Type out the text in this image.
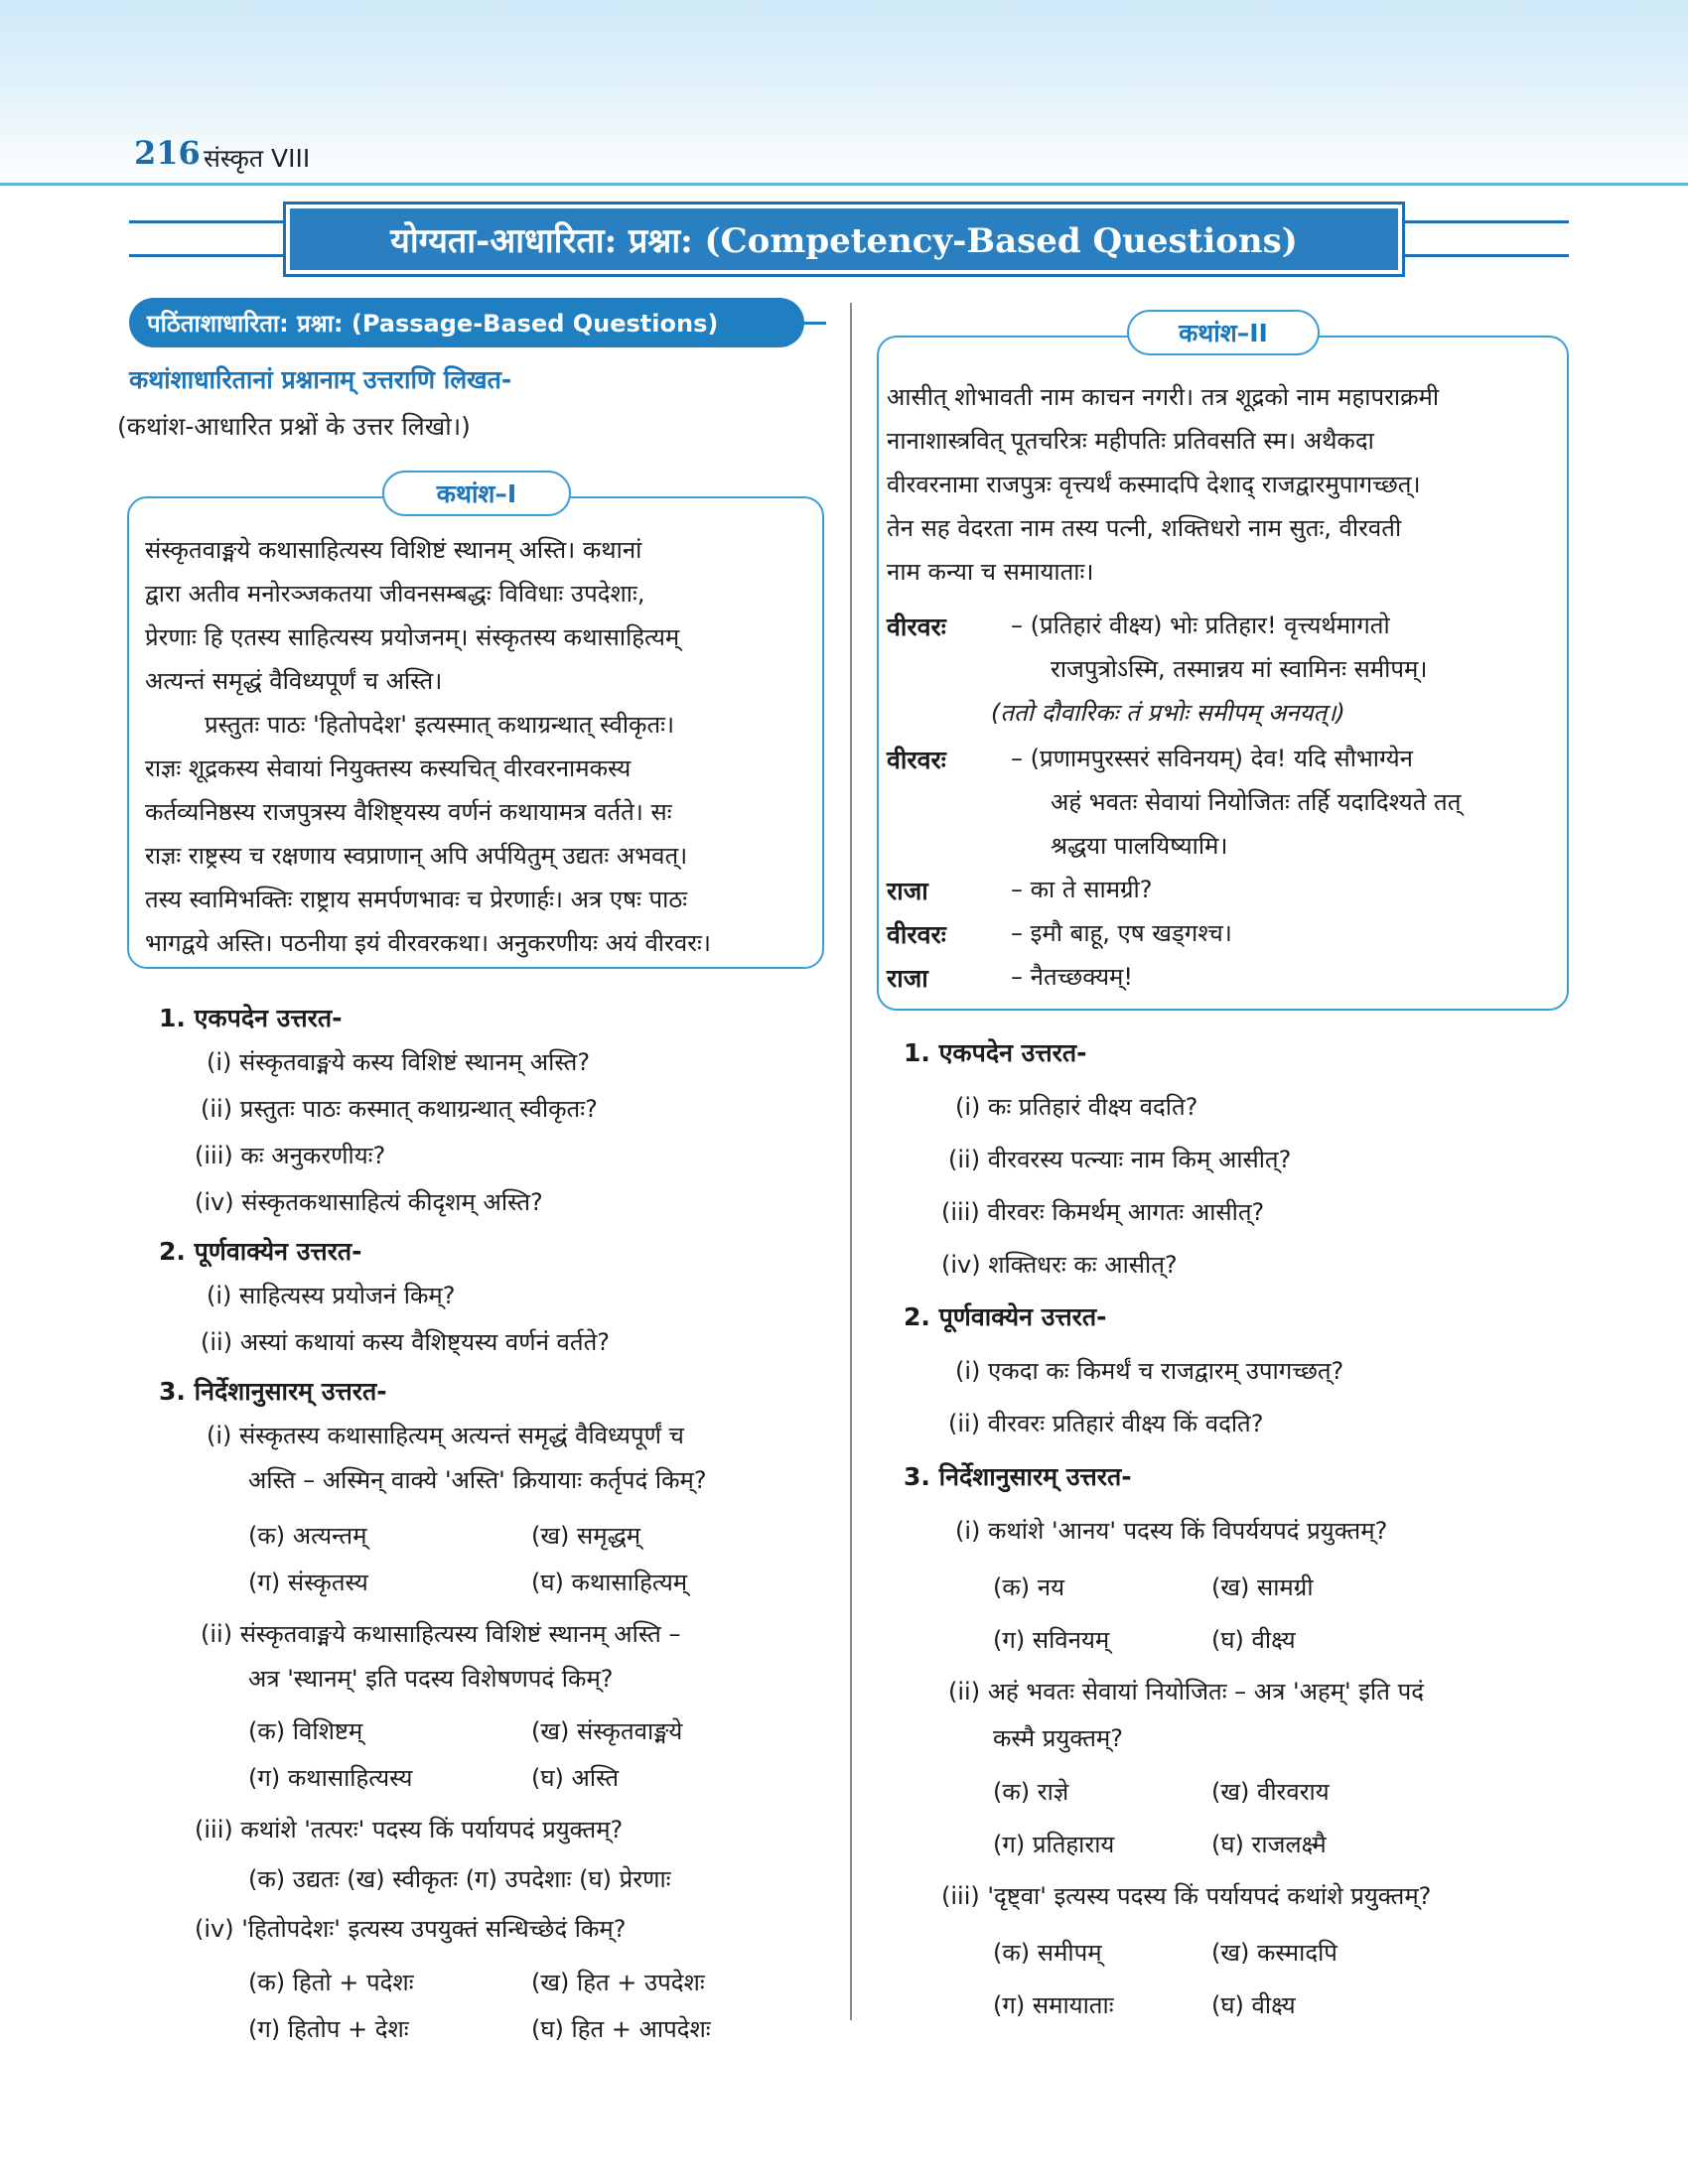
216 संस्कृत VIII
योग्यता-आधारिता: प्रश्ना: (Competency-Based Questions)
पठिंताशाधारिता: प्रश्ना: (Passage-Based Questions)
कथांशाधारितानां प्रश्नानाम् उत्तराणि लिखत-
(कथांश-आधारित प्रश्नों के उत्तर लिखो।)
कथांश–I

संस्कृतवाङ्मये कथासाहित्यस्य विशिष्टं स्थानम् अस्ति। कथानां

द्वारा अतीव मनोरञ्जकतया जीवनसम्बद्धः विविधाः उपदेशाः,

प्रेरणाः हि एतस्य साहित्यस्य प्रयोजनम्। संस्कृतस्य कथासाहित्यम्

अत्यन्तं समृद्धं वैविध्यपूर्णं च अस्ति।

प्रस्तुतः पाठः 'हितोपदेश' इत्यस्मात् कथाग्रन्थात् स्वीकृतः।

राज्ञः शूद्रकस्य सेवायां नियुक्तस्य कस्यचित् वीरवरनामकस्य

कर्तव्यनिष्ठस्य राजपुत्रस्य वैशिष्ट्यस्य वर्णनं कथायामत्र वर्तते। सः

राज्ञः राष्ट्रस्य च रक्षणाय स्वप्राणान् अपि अर्पयितुम् उद्यतः अभवत्।

तस्य स्वामिभक्तिः राष्ट्राय समर्पणभावः च प्रेरणार्हः। अत्र एषः पाठः

भागद्वये अस्ति। पठनीया इयं वीरवरकथा। अनुकरणीयः अयं वीरवरः।

1. एकपदेन उत्तरत-
(i) संस्कृतवाङ्मये कस्य विशिष्टं स्थानम् अस्ति?
(ii) प्रस्तुतः पाठः कस्मात् कथाग्रन्थात् स्वीकृतः?
(iii) कः अनुकरणीयः?
(iv) संस्कृतकथासाहित्यं कीदृशम् अस्ति?
2. पूर्णवाक्येन उत्तरत-
(i) साहित्यस्य प्रयोजनं किम्?
(ii) अस्यां कथायां कस्य वैशिष्ट्यस्य वर्णनं वर्तते?
3. निर्देशानुसारम् उत्तरत-
(i) संस्कृतस्य कथासाहित्यम् अत्यन्तं समृद्धं वैविध्यपूर्णं च
अस्ति – अस्मिन् वाक्ये 'अस्ति' क्रियायाः कर्तृपदं किम्?
(क) अत्यन्तम्	(ख) समृद्धम्
(ग) संस्कृतस्य	(घ) कथासाहित्यम्
(ii) संस्कृतवाङ्मये कथासाहित्यस्य विशिष्टं स्थानम् अस्ति –
अत्र 'स्थानम्' इति पदस्य विशेषणपदं किम्?
(क) विशिष्टम्	(ख) संस्कृतवाङ्मये
(ग) कथासाहित्यस्य	(घ) अस्ति
(iii) कथांशे 'तत्परः' पदस्य किं पर्यायपदं प्रयुक्तम्?
(क) उद्यतः (ख) स्वीकृतः (ग) उपदेशाः (घ) प्रेरणाः
(iv) 'हितोपदेशः' इत्यस्य उपयुक्तं सन्धिच्छेदं किम्?
(क) हितो + पदेशः	(ख) हित + उपदेशः
(ग) हितोप + देशः	(घ) हित + आपदेशः
कथांश–II

आसीत् शोभावती नाम काचन नगरी। तत्र शूद्रको नाम महापराक्रमी

नानाशास्त्रवित् पूतचरित्रः महीपतिः प्रतिवसति स्म। अथैकदा

वीरवरनामा राजपुत्रः वृत्त्यर्थं कस्मादपि देशाद् राजद्वारमुपागच्छत्।

तेन सह वेदरता नाम तस्य पत्नी, शक्तिधरो नाम सुतः, वीरवती

नाम कन्या च समायाताः।

वीरवरः	– (प्रतिहारं वीक्ष्य) भोः प्रतिहार! वृत्त्यर्थमागतो
राजपुत्रोऽस्मि, तस्मान्नय मां स्वामिनः समीपम्।
(ततो दौवारिकः तं प्रभोः समीपम् अनयत्।)
वीरवरः	– (प्रणामपुरस्सरं सविनयम्) देव! यदि सौभाग्येन
अहं भवतः सेवायां नियोजितः तर्हि यदादिश्यते तत्
श्रद्धया पालयिष्यामि।
राजा	– का ते सामग्री?
वीरवरः	– इमौ बाहू, एष खड्गश्च।
राजा	– नैतच्छक्यम्!
1. एकपदेन उत्तरत-
(i) कः प्रतिहारं वीक्ष्य वदति?
(ii) वीरवरस्य पत्न्याः नाम किम् आसीत्?
(iii) वीरवरः किमर्थम् आगतः आसीत्?
(iv) शक्तिधरः कः आसीत्?
2. पूर्णवाक्येन उत्तरत-
(i) एकदा कः किमर्थं च राजद्वारम् उपागच्छत्?
(ii) वीरवरः प्रतिहारं वीक्ष्य किं वदति?
3. निर्देशानुसारम् उत्तरत-
(i) कथांशे 'आनय' पदस्य किं विपर्ययपदं प्रयुक्तम्?
(क) नय	(ख) सामग्री
(ग) सविनयम्	(घ) वीक्ष्य
(ii) अहं भवतः सेवायां नियोजितः – अत्र 'अहम्' इति पदं
कस्मै प्रयुक्तम्?
(क) राज्ञे	(ख) वीरवराय
(ग) प्रतिहाराय	(घ) राजलक्ष्मै
(iii) 'दृष्ट्वा' इत्यस्य पदस्य किं पर्यायपदं कथांशे प्रयुक्तम्?
(क) समीपम्	(ख) कस्मादपि
(ग) समायाताः	(घ) वीक्ष्य
